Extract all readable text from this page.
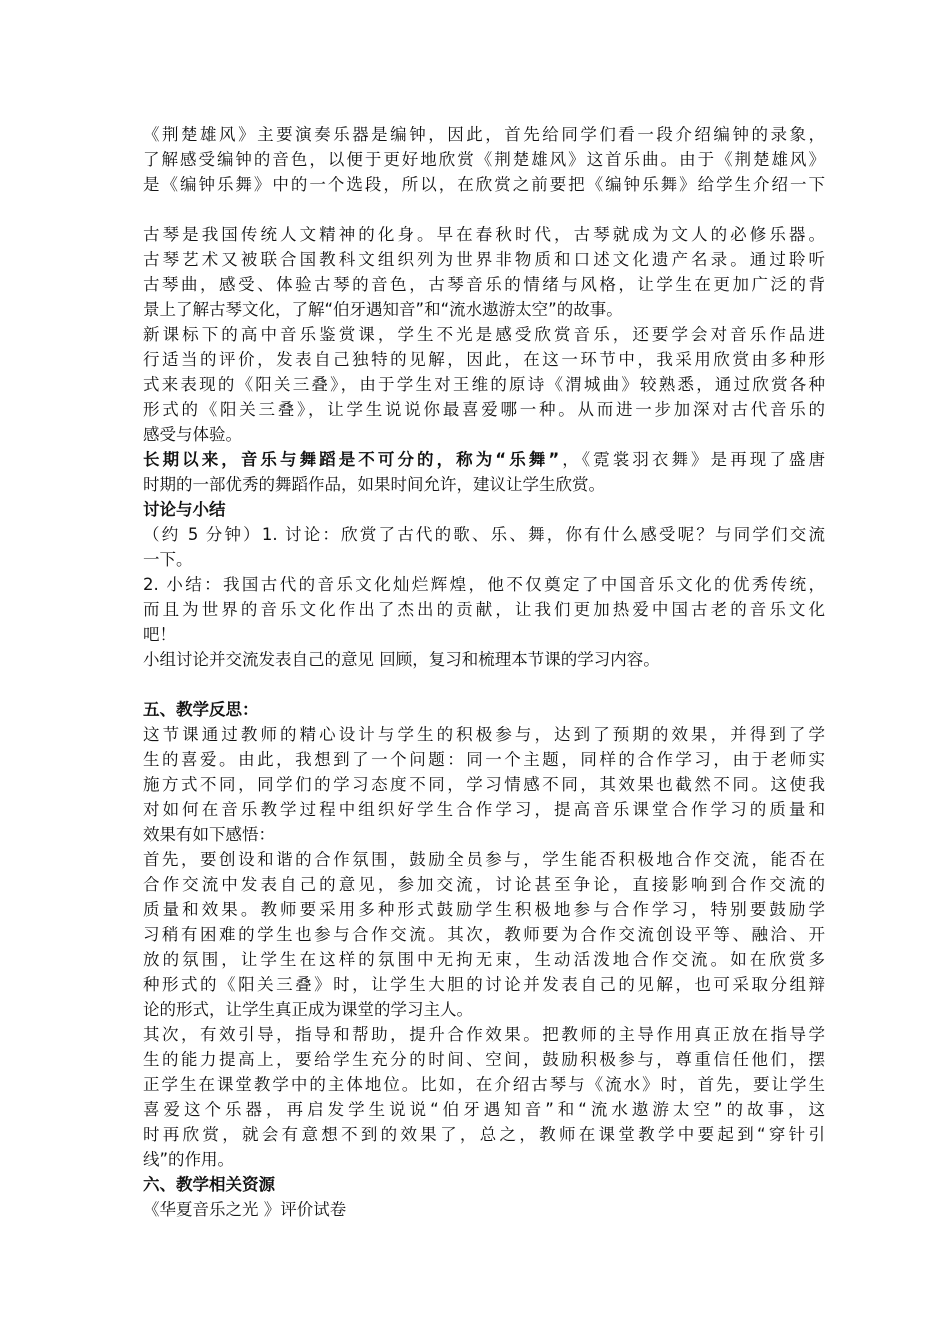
《荆楚雄风》主要演奏乐器是编钟，因此，首先给同学们看一段介绍编钟的录象，
了解感受编钟的音色，以便于更好地欣赏《荆楚雄风》这首乐曲。由于《荆楚雄风》
是《编钟乐舞》中的一个选段，所以，在欣赏之前要把《编钟乐舞》给学生介绍一下
古琴是我国传统人文精神的化身。早在春秋时代，古琴就成为文人的必修乐器。
古琴艺术又被联合国教科文组织列为世界非物质和口述文化遗产名录。通过聆听
古琴曲，感受、体验古琴的音色，古琴音乐的情绪与风格，让学生在更加广泛的背
景上了解古琴文化，了解“伯牙遇知音”和“流水遨游太空”的故事。
新课标下的高中音乐鉴赏课，学生不光是感受欣赏音乐，还要学会对音乐作品进
行适当的评价，发表自己独特的见解，因此，在这一环节中，我采用欣赏由多种形
式来表现的《阳关三叠》，由于学生对王维的原诗《渭城曲》较熟悉，通过欣赏各种
形式的《阳关三叠》，让学生说说你最喜爱哪一种。从而进一步加深对古代音乐的
感受与体验。
长期以来，音乐与舞蹈是不可分的，称为“乐舞”，《霓裳羽衣舞》是再现了盛唐
时期的一部优秀的舞蹈作品，如果时间允许，建议让学生欣赏。
讨论与小结
（约 5 分钟）1. 讨论：欣赏了古代的歌、乐、舞，你有什么感受呢？与同学们交流
一下。
2. 小结：我国古代的音乐文化灿烂辉煌，他不仅奠定了中国音乐文化的优秀传统，
而且为世界的音乐文化作出了杰出的贡献，让我们更加热爱中国古老的音乐文化
吧！
小组讨论并交流发表自己的意见 回顾，复习和梳理本节课的学习内容。
五、教学反思：
这节课通过教师的精心设计与学生的积极参与，达到了预期的效果，并得到了学
生的喜爱。由此，我想到了一个问题：同一个主题，同样的合作学习，由于老师实
施方式不同，同学们的学习态度不同，学习情感不同，其效果也截然不同。这使我
对如何在音乐教学过程中组织好学生合作学习，提高音乐课堂合作学习的质量和
效果有如下感悟：
首先，要创设和谐的合作氛围，鼓励全员参与，学生能否积极地合作交流，能否在
合作交流中发表自己的意见，参加交流，讨论甚至争论，直接影响到合作交流的
质量和效果。教师要采用多种形式鼓励学生积极地参与合作学习，特别要鼓励学
习稍有困难的学生也参与合作交流。其次，教师要为合作交流创设平等、融洽、开
放的氛围，让学生在这样的氛围中无拘无束，生动活泼地合作交流。如在欣赏多
种形式的《阳关三叠》时，让学生大胆的讨论并发表自己的见解，也可采取分组辩
论的形式，让学生真正成为课堂的学习主人。
其次，有效引导，指导和帮助，提升合作效果。把教师的主导作用真正放在指导学
生的能力提高上，要给学生充分的时间、空间，鼓励积极参与，尊重信任他们，摆
正学生在课堂教学中的主体地位。比如，在介绍古琴与《流水》时，首先，要让学生
喜爱这个乐器，再启发学生说说“伯牙遇知音”和“流水遨游太空”的故事，这
时再欣赏，就会有意想不到的效果了，总之，教师在课堂教学中要起到“穿针引
线”的作用。
六、教学相关资源
《华夏音乐之光 》评价试卷
